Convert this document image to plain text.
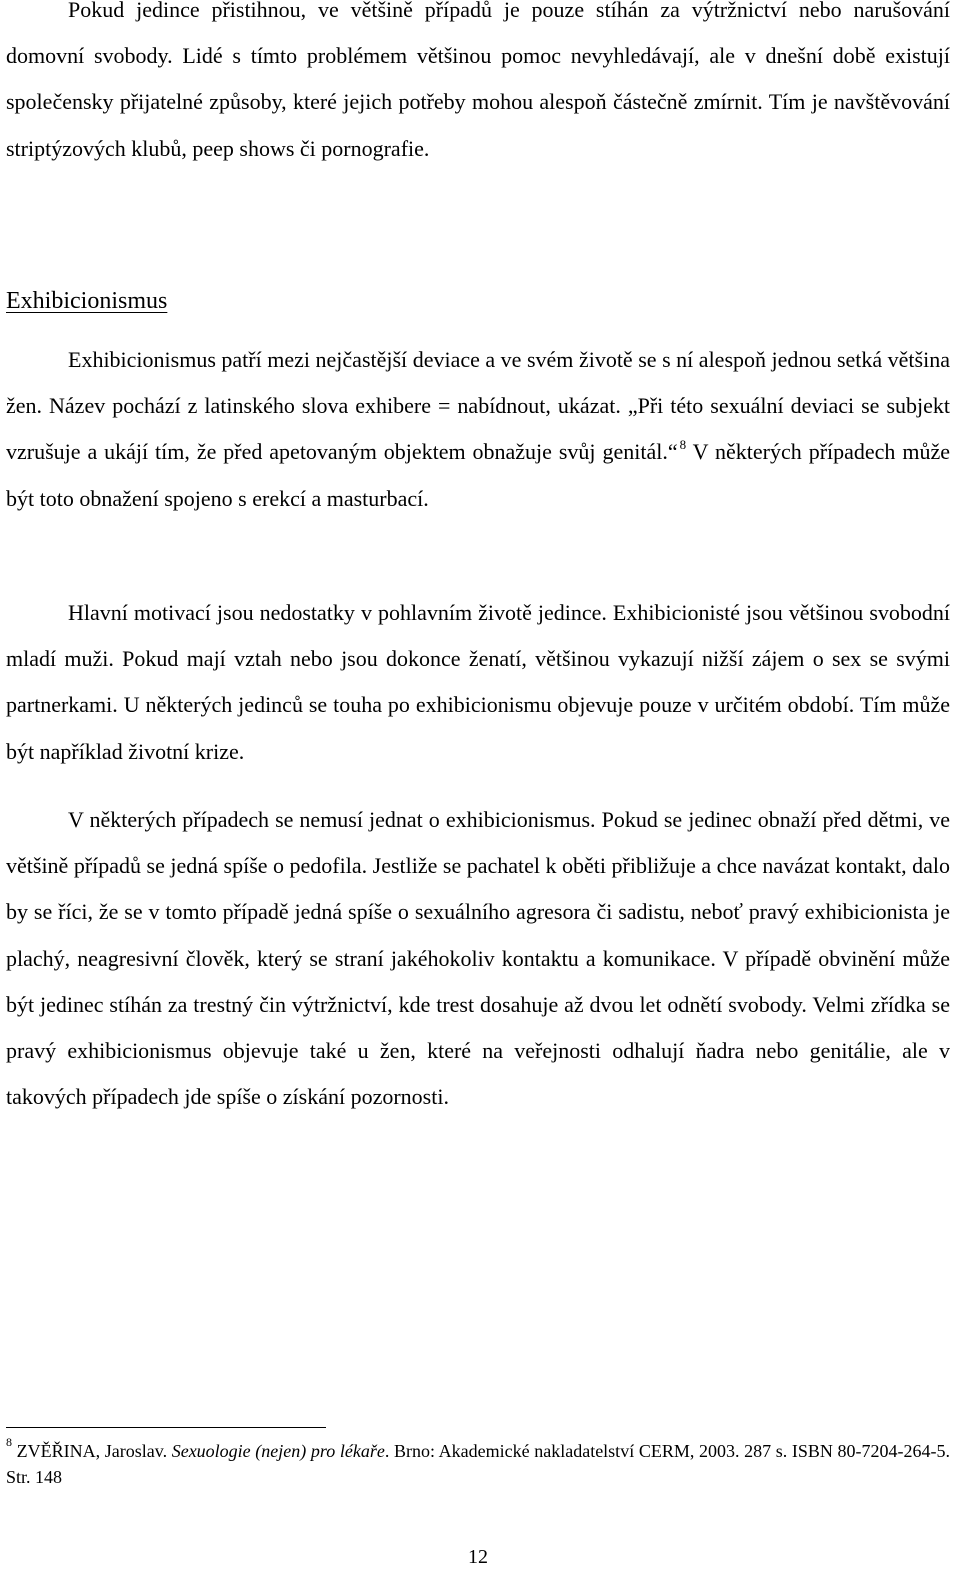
Pokud jedince přistihnou, ve většině případů je pouze stíhán za výtržnictví nebo narušování domovní svobody. Lidé s tímto problémem většinou pomoc nevyhledávají, ale v dnešní době existují společensky přijatelné způsoby, které jejich potřeby mohou alespoň částečně zmírnit. Tím je navštěvování striptýzových klubů, peep shows či pornografie.

Exhibicionismus

Exhibicionismus patří mezi nejčastější deviace a ve svém životě se s ní alespoň jednou setká většina žen. Název pochází z latinského slova exhibere = nabídnout, ukázat. „Při této sexuální deviaci se subjekt vzrušuje a ukájí tím, že před apetovaným objektem obnažuje svůj genitál.“ $^8$ V některých případech může být toto obnažení spojeno s erekcí a masturbací.

Hlavní motivací jsou nedostatky v pohlavním životě jedince. Exhibicionisté jsou většinou svobodní mladí muži. Pokud mají vztah nebo jsou dokonce ženatí, většinou vykazují nižší zájem o sex se svými partnerkami. U některých jedinců se touha po exhibicionismu objevuje pouze v určitém období. Tím může být například životní krize.

V některých případech se nemusí jednat o exhibicionismus. Pokud se jedinec obnaží před dětmi, ve většině případů se jedná spíše o pedofila. Jestliže se pachatel k oběti přibližuje a chce navázat kontakt, dalo by se říci, že se v tomto případě jedná spíše o sexuálního agresora či sadistu, neboť pravý exhibicionista je plachý, neagresivní člověk, který se straní jakéhokoliv kontaktu a komunikace. V případě obvinění může být jedinec stíhán za trestný čin výtržnictví, kde trest dosahuje až dvou let odnětí svobody. Velmi zřídka se pravý exhibicionismus objevuje také u žen, které na veřejnosti odhalují ňadra nebo genitálie, ale v takových případech jde spíše o získání pozornosti.

$^8$ ZVĚŘINA, Jaroslav. Sexuologie (nejen) pro lékaře. Brno: Akademické nakladatelství CERM, 2003. 287 s. ISBN 80-7204-264-5. Str. 148

12
